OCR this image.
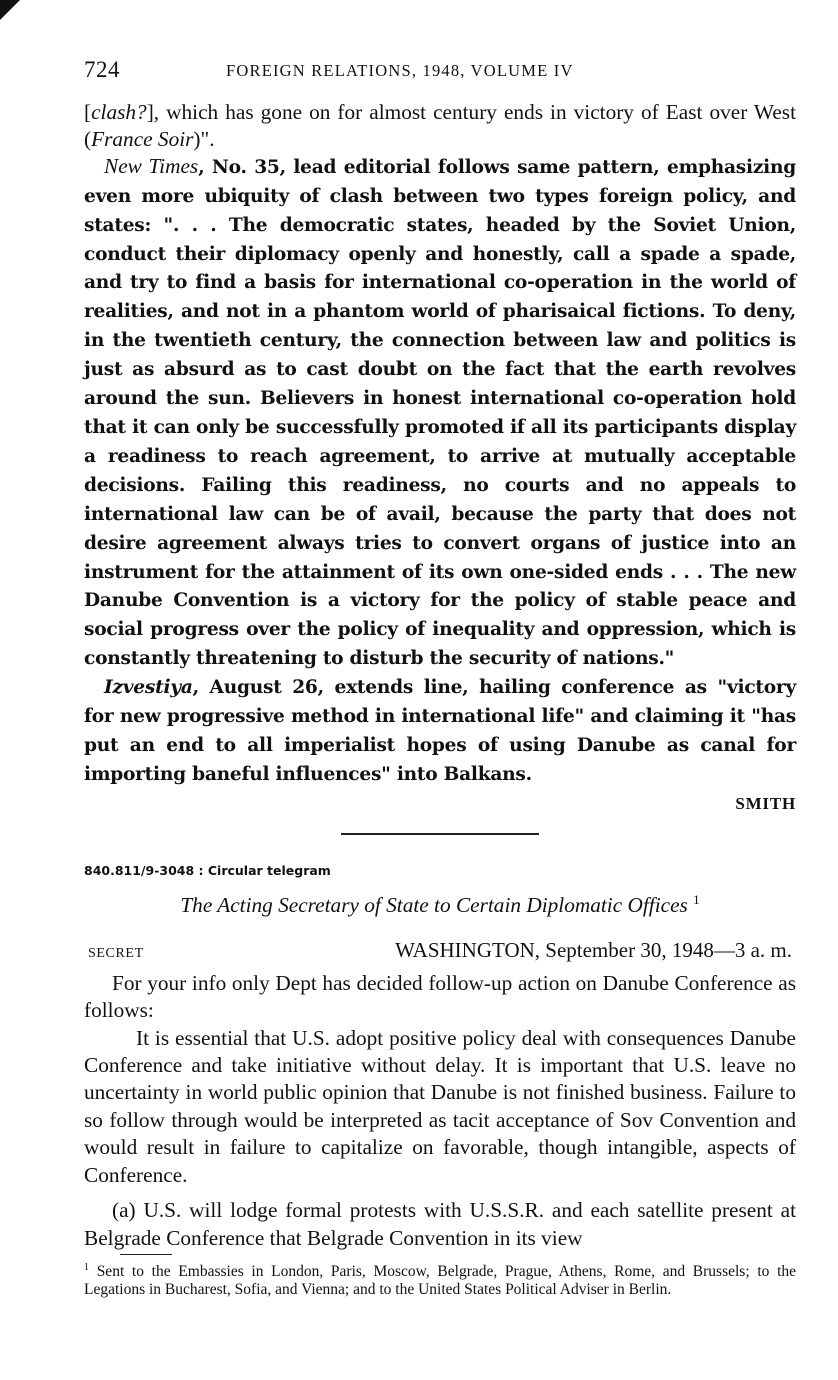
724	FOREIGN RELATIONS, 1948, VOLUME IV

[clash?], which has gone on for almost century ends in victory of East over West (France Soir)".

New Times, No. 35, lead editorial follows same pattern, emphasizing even more ubiquity of clash between two types foreign policy, and states: ". . . The democratic states, headed by the Soviet Union, conduct their diplomacy openly and honestly, call a spade a spade, and try to find a basis for international co-operation in the world of realities, and not in a phantom world of pharisaical fictions. To deny, in the twentieth century, the connection between law and politics is just as absurd as to cast doubt on the fact that the earth revolves around the sun. Believers in honest international co-operation hold that it can only be successfully promoted if all its participants display a readiness to reach agreement, to arrive at mutually acceptable decisions. Failing this readiness, no courts and no appeals to international law can be of avail, because the party that does not desire agreement always tries to convert organs of justice into an instrument for the attainment of its own one-sided ends . . . The new Danube Convention is a victory for the policy of stable peace and social progress over the policy of inequality and oppression, which is constantly threatening to disturb the security of nations."

Izvestiya, August 26, extends line, hailing conference as "victory for new progressive method in international life" and claiming it "has put an end to all imperialist hopes of using Danube as canal for importing baneful influences" into Balkans.

SMITH
840.811/9-3048 : Circular telegram
The Acting Secretary of State to Certain Diplomatic Offices $^1$
SECRET	WASHINGTON, September 30, 1948—3 a. m.

For your info only Dept has decided follow-up action on Danube Conference as follows:

It is essential that U.S. adopt positive policy deal with consequences Danube Conference and take initiative without delay. It is important that U.S. leave no uncertainty in world public opinion that Danube is not finished business. Failure to so follow through would be interpreted as tacit acceptance of Sov Convention and would result in failure to capitalize on favorable, though intangible, aspects of Conference.

(a) U.S. will lodge formal protests with U.S.S.R. and each satellite present at Belgrade Conference that Belgrade Convention in its view

$^1$ Sent to the Embassies in London, Paris, Moscow, Belgrade, Prague, Athens, Rome, and Brussels; to the Legations in Bucharest, Sofia, and Vienna; and to the United States Political Adviser in Berlin.
